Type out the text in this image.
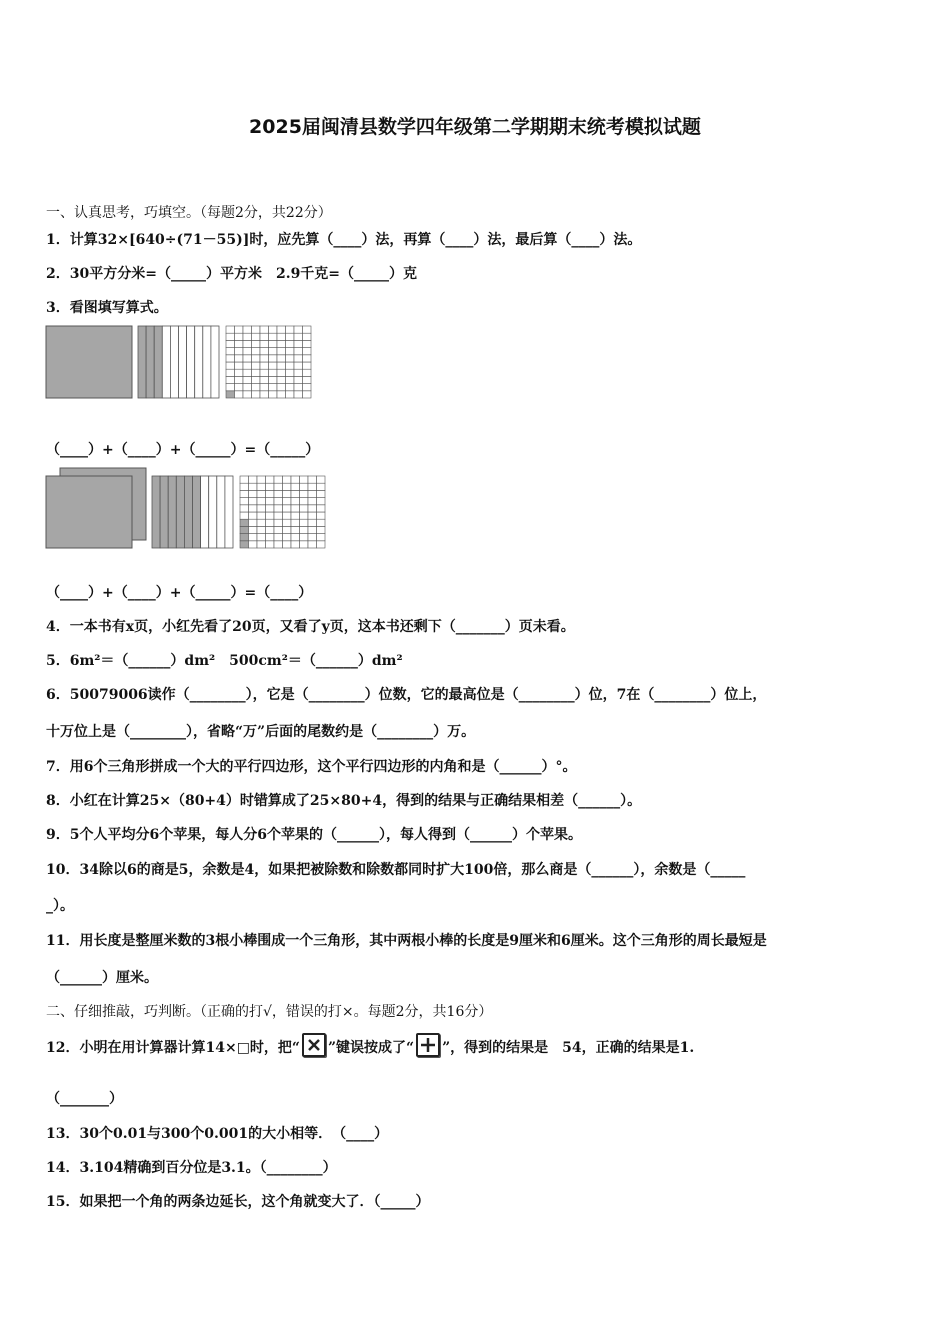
2025届闽清县数学四年级第二学期期末统考模拟试题
一、认真思考，巧填空。（每题2分，共22分）
1．计算32×[640÷(71－55)]时，应先算（____）法，再算（____）法，最后算（____）法。
2．30平方分米=（_____）平方米　2.9千克=（_____）克
3．看图填写算式。
（____）+（____）+（_____）=（_____）
（____）+（____）+（_____）=（____）
4．一本书有x页，小红先看了20页，又看了y页，这本书还剩下（_______）页未看。
5．6m²＝（______）dm²　500cm²＝（______）dm²
6．50079006读作（________），它是（________）位数，它的最高位是（________）位，7在（________）位上，
十万位上是（________），省略“万”后面的尾数约是（________）万。
7．用6个三角形拼成一个大的平行四边形，这个平行四边形的内角和是（______）°。
8．小红在计算25×（80+4）时错算成了25×80+4，得到的结果与正确结果相差（______）。
9．5个人平均分6个苹果，每人分6个苹果的（______），每人得到（______）个苹果。
10．34除以6的商是5，余数是4，如果把被除数和除数都同时扩大100倍，那么商是（______），余数是（_____
_）。
11．用长度是整厘米数的3根小棒围成一个三角形，其中两根小棒的长度是9厘米和6厘米。这个三角形的周长最短是
（______）厘米。
二、仔细推敲，巧判断。（正确的打√，错误的打×。每题2分，共16分）
12．小明在用计算器计算14×□时，把“ ”键误按成了“ ”，得到的结果是　54，正确的结果是1.
（_______）
13．30个0.01与300个0.001的大小相等．　（____）
14．3.104精确到百分位是3.1。（________）
15．如果把一个角的两条边延长，这个角就变大了．（_____）
